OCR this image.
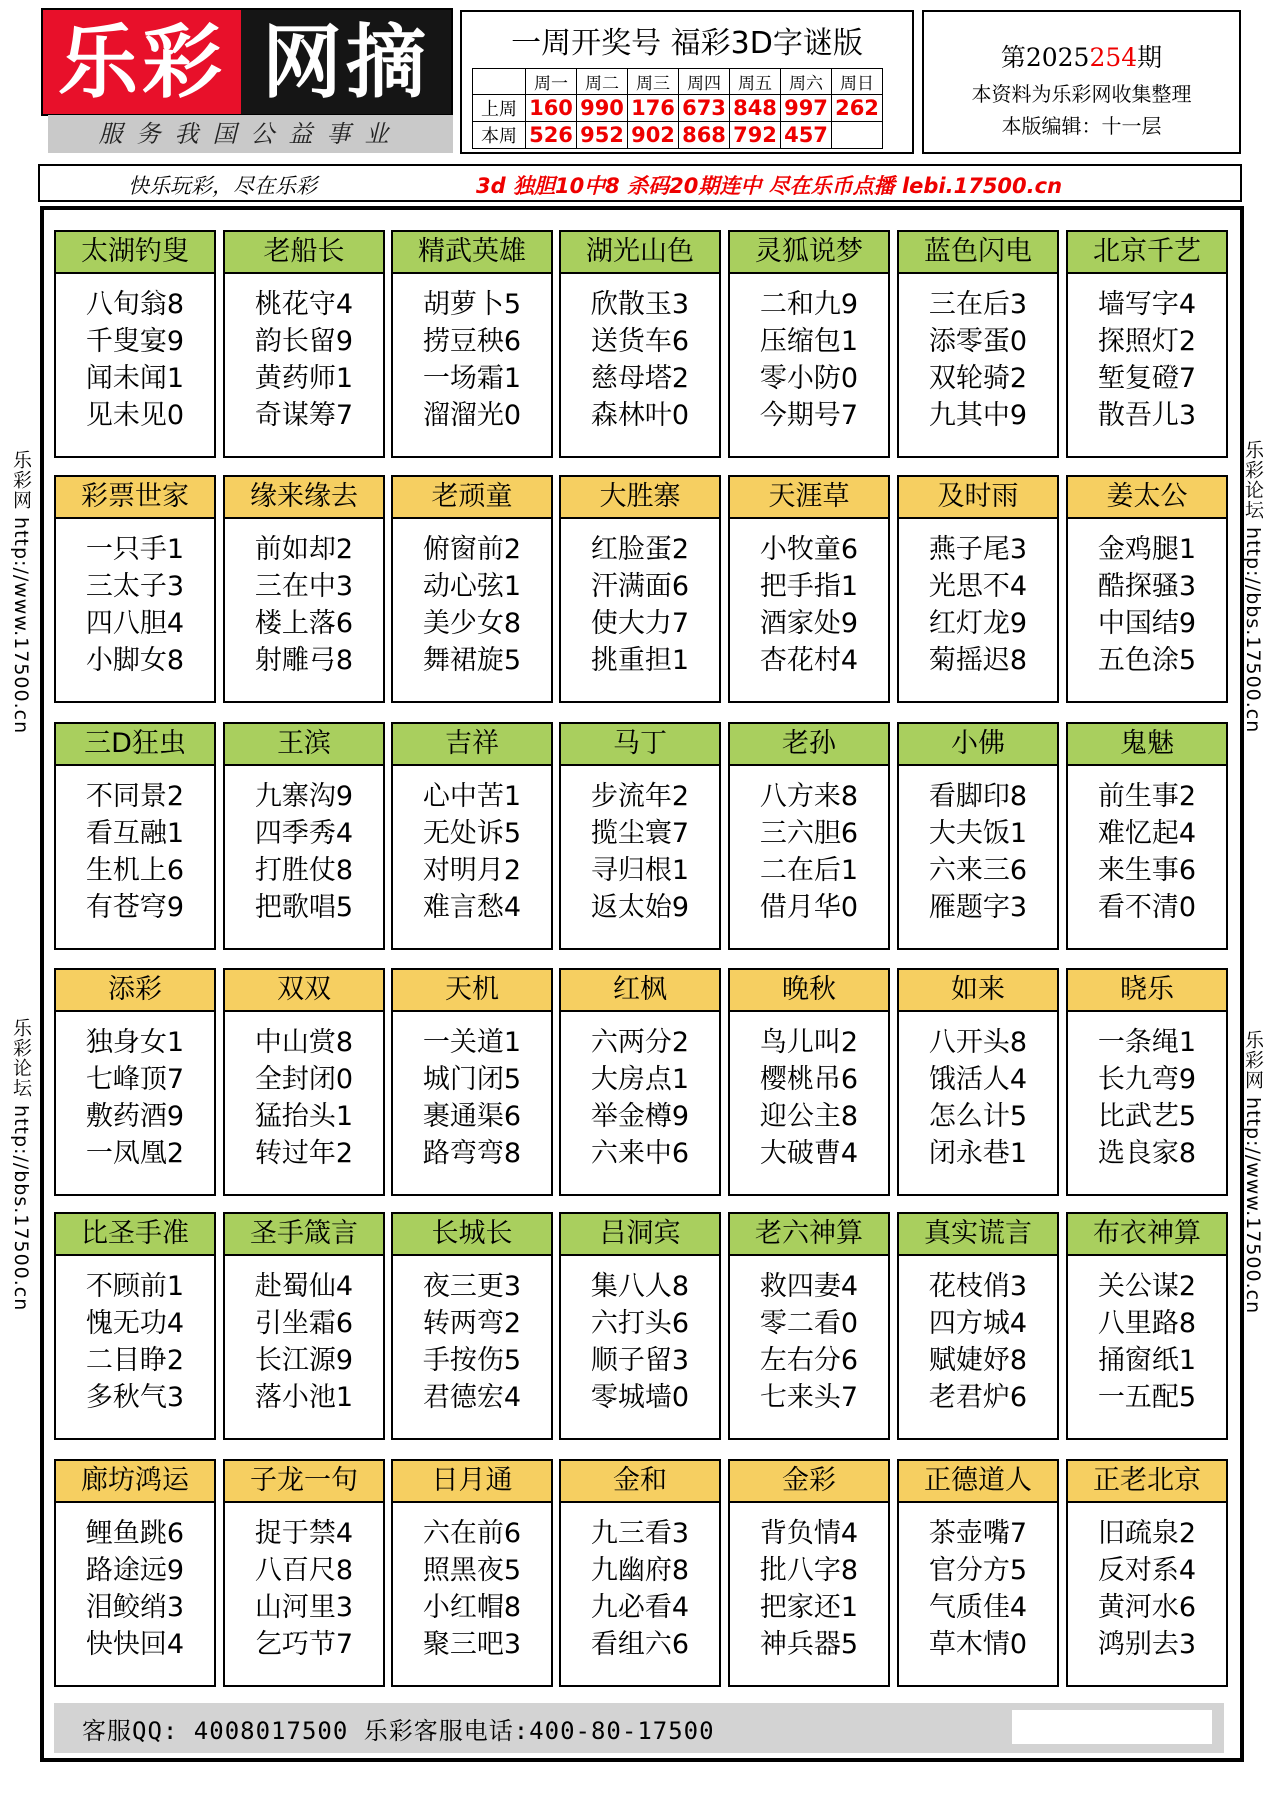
乐彩 网摘
服务我国公益事业
一周开奖号 福彩3D字谜版
	周一	周二	周三	周四	周五	周六	周日
上周	160	990	176	673	848	997	262
本周	526	952	902	868	792	457	
第2025254期
本资料为乐彩网收集整理
本版编辑：十一层
快乐玩彩，尽在乐彩	3d 独胆10中8 杀码20期连中 尽在乐币点播 lebi.17500.cn
乐彩网 http://www.17500.cn
乐彩论坛 http://bbs.17500.cn
乐彩论坛 http://bbs.17500.cn
乐彩网 http://www.17500.cn
太湖钓叟
八旬翁8
千叟宴9
闻未闻1
见未见0
老船长
桃花守4
韵长留9
黄药师1
奇谋筹7
精武英雄
胡萝卜5
捞豆秧6
一场霜1
溜溜光0
湖光山色
欣散玉3
送货车6
慈母塔2
森林叶0
灵狐说梦
二和九9
压缩包1
零小防0
今期号7
蓝色闪电
三在后3
添零蛋0
双轮骑2
九其中9
北京千艺
墙写字4
探照灯2
堑复磴7
散吾儿3
彩票世家
一只手1
三太子3
四八胆4
小脚女8
缘来缘去
前如却2
三在中3
楼上落6
射雕弓8
老顽童
俯窗前2
动心弦1
美少女8
舞裙旋5
大胜寨
红脸蛋2
汗满面6
使大力7
挑重担1
天涯草
小牧童6
把手指1
酒家处9
杏花村4
及时雨
燕子尾3
光思不4
红灯龙9
菊摇迟8
姜太公
金鸡腿1
酷探骚3
中国结9
五色涂5
三D狂虫
不同景2
看互融1
生机上6
有苍穹9
王滨
九寨沟9
四季秀4
打胜仗8
把歌唱5
吉祥
心中苦1
无处诉5
对明月2
难言愁4
马丁
步流年2
揽尘寰7
寻归根1
返太始9
老孙
八方来8
三六胆6
二在后1
借月华0
小佛
看脚印8
大夫饭1
六来三6
雁题字3
鬼魅
前生事2
难忆起4
来生事6
看不清0
添彩
独身女1
七峰顶7
敷药酒9
一凤凰2
双双
中山赏8
全封闭0
猛抬头1
转过年2
天机
一关道1
城门闭5
裹通渠6
路弯弯8
红枫
六两分2
大房点1
举金樽9
六来中6
晚秋
鸟儿叫2
樱桃吊6
迎公主8
大破曹4
如来
八开头8
饿活人4
怎么计5
闭永巷1
晓乐
一条绳1
长九弯9
比武艺5
选良家8
比圣手准
不顾前1
愧无功4
二目睁2
多秋气3
圣手箴言
赴蜀仙4
引坐霜6
长江源9
落小池1
长城长
夜三更3
转两弯2
手按伤5
君德宏4
吕洞宾
集八人8
六打头6
顺子留3
零城墙0
老六神算
救四妻4
零二看0
左右分6
七来头7
真实谎言
花枝俏3
四方城4
赋婕妤8
老君炉6
布衣神算
关公谋2
八里路8
捅窗纸1
一五配5
廊坊鸿运
鲤鱼跳6
路途远9
泪鲛绡3
快快回4
子龙一句
捉于禁4
八百尺8
山河里3
乞巧节7
日月通
六在前6
照黑夜5
小红帽8
聚三吧3
金和
九三看3
九幽府8
九必看4
看组六6
金彩
背负情4
批八字8
把家还1
神兵器5
正德道人
茶壶嘴7
官分方5
气质佳4
草木情0
正老北京
旧疏泉2
反对系4
黄河水6
鸿别去3
客服QQ: 4008017500 乐彩客服电话:400-80-17500
